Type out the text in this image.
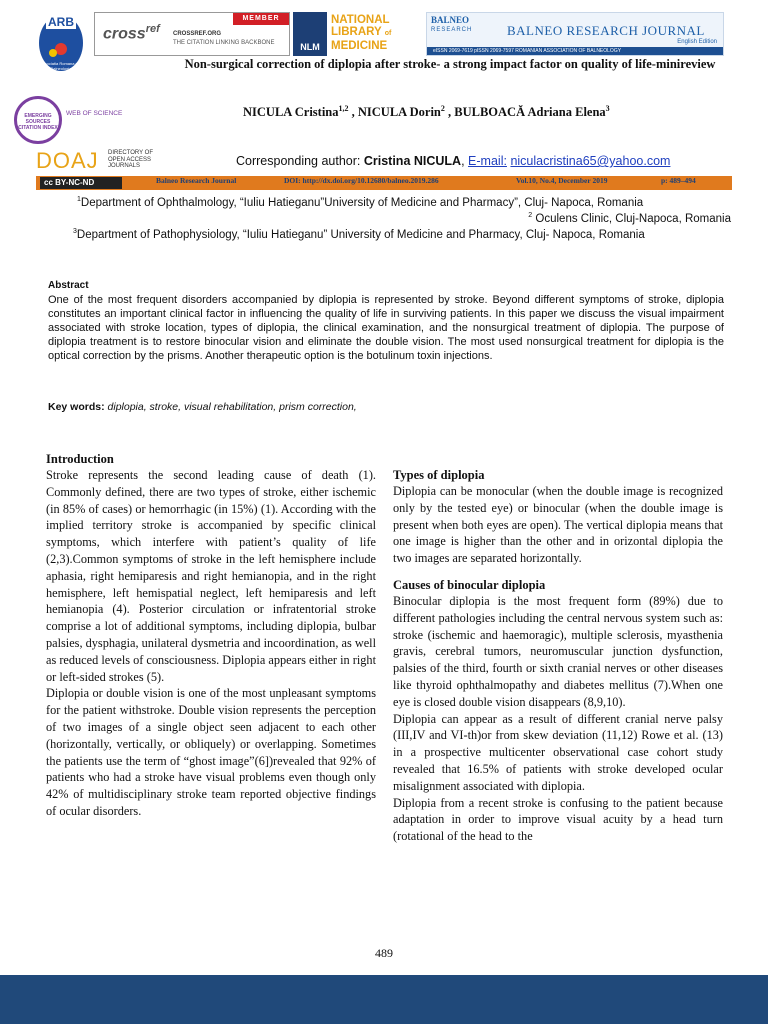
ARB
Asociatia Romana de Balneologie
MEMBER
cross$^{ref}$ CROSSREF.ORG
THE CITATION LINKING BACKBONE	NLM
NATIONAL
LIBRARY of
MEDICINE
BALNEO
RESEARCH	BALNEO RESEARCH JOURNAL
English Edition
eISSN 2069-7619 pISSN 2069-7597 ROMANIAN ASSOCIATION OF BALNEOLOGY
Non-surgical correction of diplopia after stroke- a strong impact factor on quality of life-minireview
EMERGING SOURCES CITATION INDEX
WEB OF SCIENCE	NICULA Cristina$^{1,2}$ , NICULA Dorin$^2$ , BULBOACĂ Adriana Elena$^3$
DOAJ DIRECTORY OF
OPEN ACCESS
JOURNALS	Corresponding author: Cristina NICULA, E-mail: niculacristina65@yahoo.com
cc BY-NC-ND	Balneo Research Journal	DOI: http://dx.doi.org/10.12680/balneo.2019.286	Vol.10, No.4, December 2019	p: 489–494
$^1$Department of Ophthalmology, “Iuliu Hatieganu”University of Medicine and Pharmacy”, Cluj- Napoca, Romania
$^2$ Oculens Clinic, Cluj-Napoca, Romania
$^3$Department of Pathophysiology, “Iuliu Hatieganu” University of Medicine and Pharmacy, Cluj- Napoca, Romania
Abstract
One of the most frequent disorders accompanied by diplopia is represented by stroke. Beyond different symptoms of stroke, diplopia constitutes an important clinical factor in influencing the quality of life in surviving patients. In this paper we discuss the visual impairment associated with stroke location, types of diplopia, the clinical examination, and the nonsurgical treatment of diplopia. The purpose of diplopia treatment is to restore binocular vision and eliminate the double vision. The most used nonsurgical treatment for diplopia is the optical correction by the prisms. Another therapeutic option is the botulinum toxin injections.
Key words: diplopia, stroke, visual rehabilitation, prism correction,
Introduction
Stroke represents the second leading cause of death (1). Commonly defined, there are two types of stroke, either ischemic (in 85% of cases) or hemorrhagic (in 15%) (1). According with the implied territory stroke is accompanied by specific clinical symptoms, which interfere with patient’s quality of life (2,3).Common symptoms of stroke in the left hemisphere include aphasia, right hemiparesis and right hemianopia, and in the right hemisphere, left hemispatial neglect, left hemiparesis and left hemianopia (4). Posterior circulation or infratentorial stroke comprise a lot of additional symptoms, including diplopia, bulbar palsies, dysphagia, unilateral dysmetria and incoordination, as well as reduced levels of consciousness. Diplopia appears either in right or left-sided strokes (5).
Diplopia or double vision is one of the most unpleasant symptoms for the patient withstroke. Double vision represents the perception of two images of a single object seen adjacent to each other (horizontally, vertically, or obliquely) or overlapping. Sometimes the patients use the term of “ghost image”(6])revealed that 92% of patients who had a stroke have visual problems even though only 42% of multidisciplinary stroke team reported objective findings of ocular disorders.
Types of diplopia
Diplopia can be monocular (when the double image is recognized only by the tested eye) or binocular (when the double image is present when both eyes are open). The vertical diplopia means that one image is higher than the other and in orizontal diplopia the two images are separated horizontally.
Causes of binocular diplopia
Binocular diplopia is the most frequent form (89%) due to different pathologies including the central nervous system such as: stroke (ischemic and haemoragic), multiple sclerosis, myasthenia gravis, cerebral tumors, neuromuscular junction dysfunction, palsies of the third, fourth or sixth cranial nerves or other diseases like thyroid ophthalmopathy and diabetes mellitus (7).When one eye is closed double vision disappears (8,9,10).
Diplopia can appear as a result of different cranial nerve palsy (III,IV and VI-th)or from skew deviation (11,12) Rowe et al. (13) in a prospective multicenter observational case cohort study revealed that 16.5% of patients with stroke developed ocular misalignment associated with diplopia.
Diplopia from a recent stroke is confusing to the patient because adaptation in order to improve visual acuity by a head turn (rotational of the head to the
489
